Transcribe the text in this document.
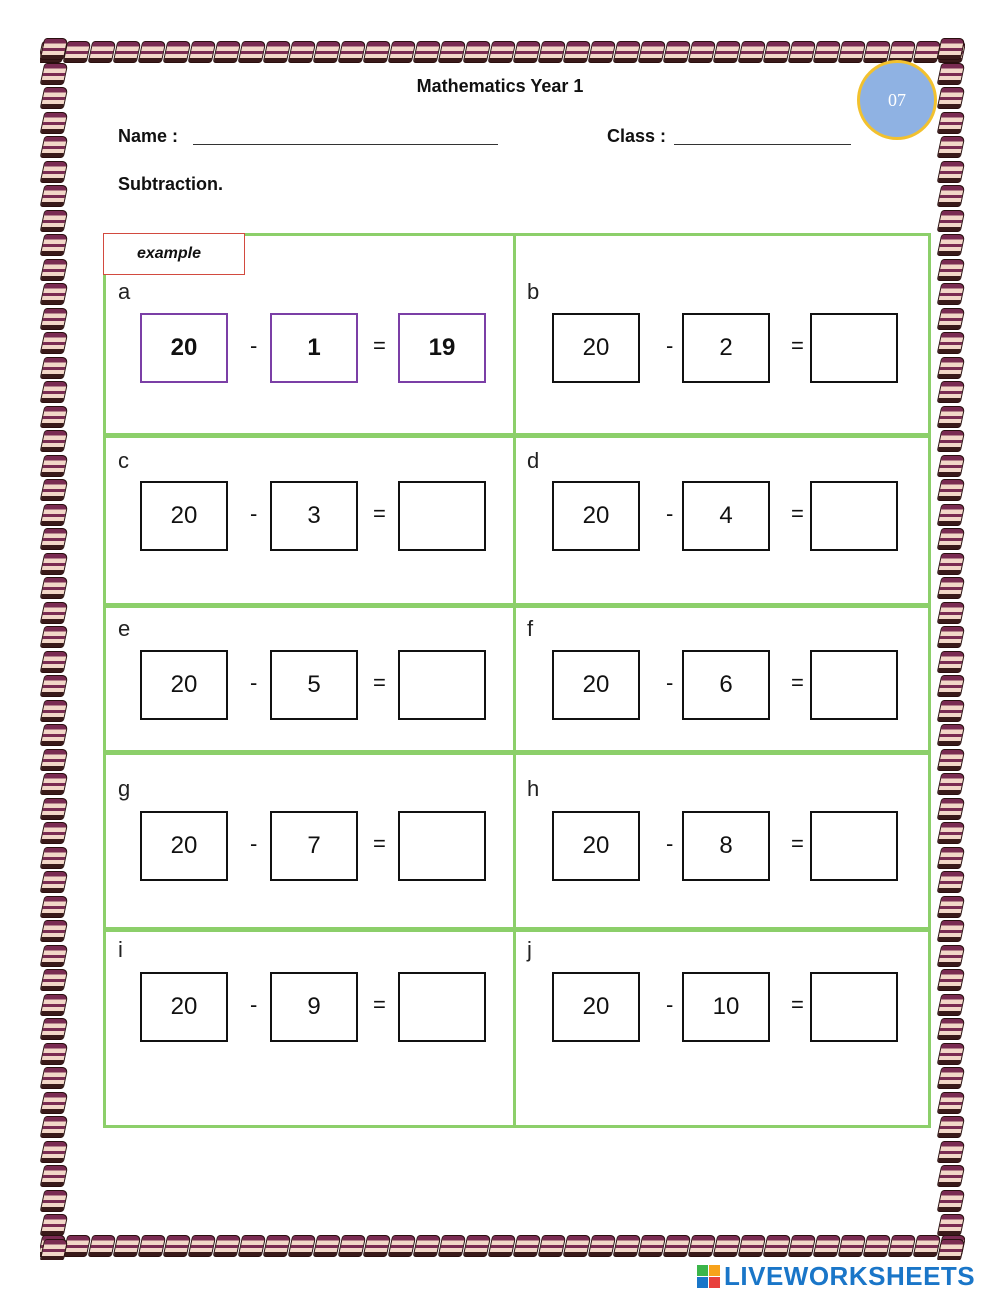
Mathematics Year 1
07
Name :	Class :
Subtraction.
a
20	1	19
-	=
b
20	2
-	=
c
20	3
-	=
d
20	4
-	=
e
20	5
-	=
f
20	6
-	=
g
20	7
-	=
h
20	8
-	=
i
20	9
-	=
j
20	10
-	=
example
LIVEWORKSHEETS
